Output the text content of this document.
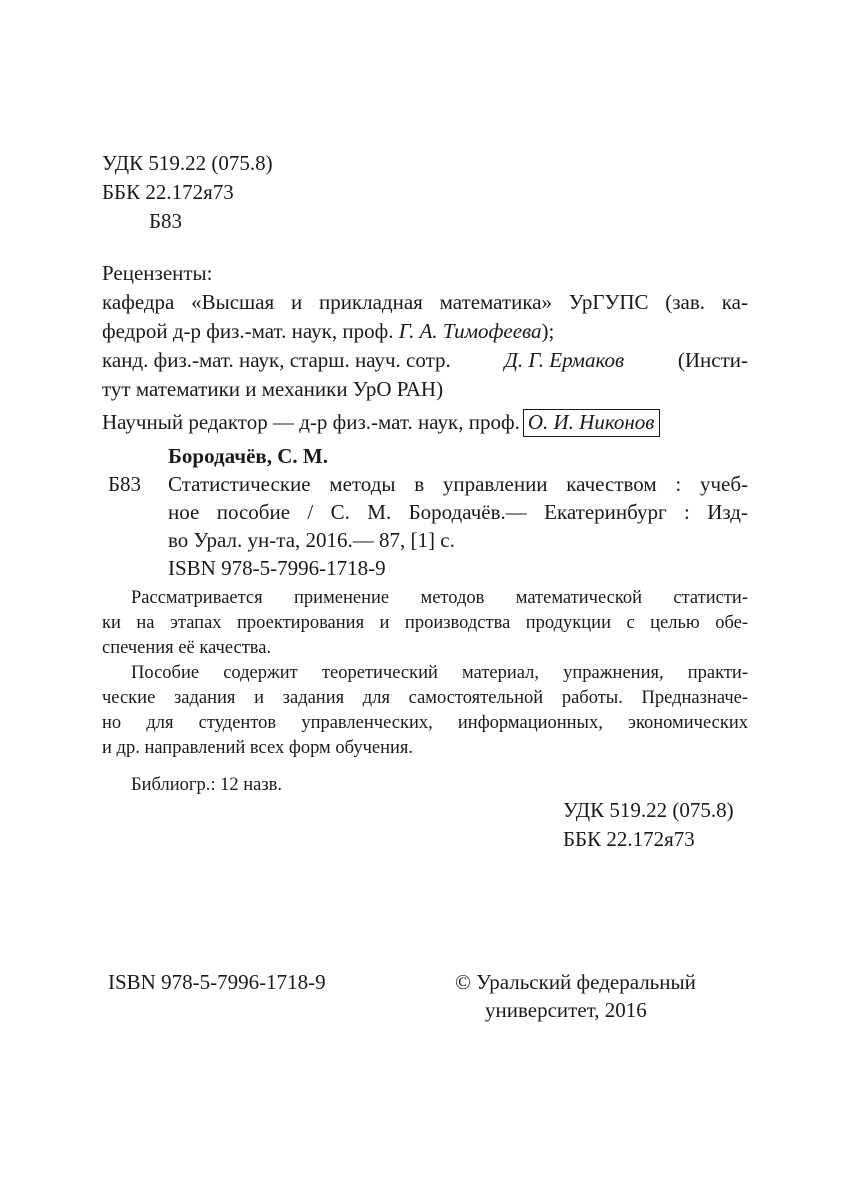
УДК 519.22 (075.8)
ББК 22.172я73
Б83
Рецензенты:
кафедра «Высшая и прикладная математика» УрГУПС (зав. ка-
федрой д-р физ.-мат. наук, проф. Г. А. Тимофеева);
канд. физ.-мат. наук, старш. науч. сотр.	Д. Г. Ермаков	(Инсти-
тут математики и механики УрО РАН)
Научный редактор — д-р физ.-мат. наук, проф. О. И. Никонов
Бородачёв, С. М.
Б83 Статистические методы в управлении качеством : учеб-
ное пособие / С. М. Бородачёв.— Екатеринбург : Изд-
во Урал. ун-та, 2016.— 87, [1] с.
ISBN 978-5-7996-1718-9
Рассматривается применение методов математической статисти-
ки на этапах проектирования и производства продукции с целью обе-
спечения её качества.
Пособие содержит теоретический материал, упражнения, практи-
ческие задания и задания для самостоятельной работы. Предназначе-
но для студентов управленческих, информационных, экономических
и др. направлений всех форм обучения.
Библиогр.: 12 назв.
УДК 519.22 (075.8)
ББК 22.172я73
ISBN 978-5-7996-1718-9	© Уральский федеральный
университет, 2016
